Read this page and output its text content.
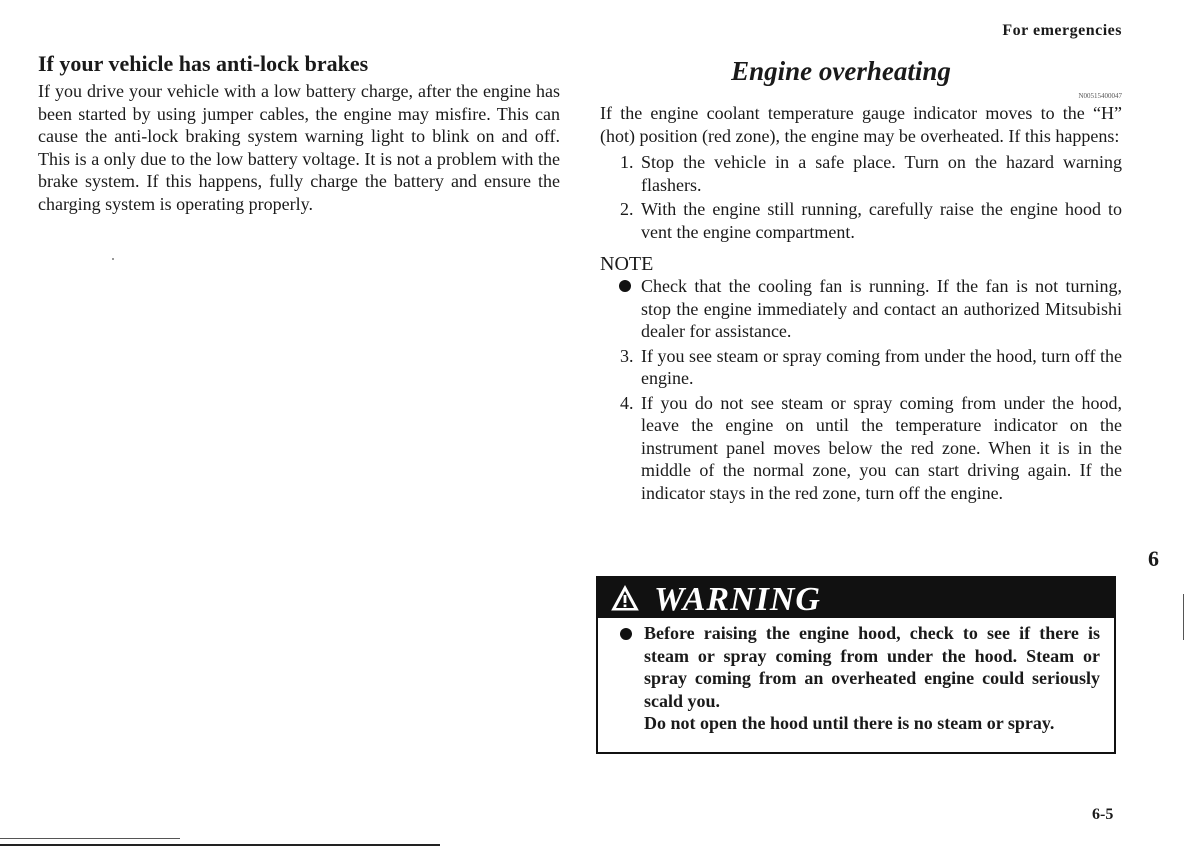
For emergencies
If your vehicle has anti-lock brakes

If you drive your vehicle with a low battery charge, after the engine has been started by using jumper cables, the engine may misfire. This can cause the anti-lock braking system warning light to blink on and off. This is a only due to the low battery voltage. It is not a problem with the brake system. If this happens, fully charge the battery and ensure the charging system is operating properly.

Engine overheating
N00515400047

If the engine coolant temperature gauge indicator moves to the “H” (hot) position (red zone), the engine may be overheated. If this happens:

1. Stop the vehicle in a safe place. Turn on the hazard warning flashers.
2. With the engine still running, carefully raise the engine hood to vent the engine compartment.
NOTE
Check that the cooling fan is running. If the fan is not turning, stop the engine immediately and contact an authorized Mitsubishi dealer for assistance.
3. If you see steam or spray coming from under the hood, turn off the engine.
4. If you do not see steam or spray coming from under the hood, leave the engine on until the temperature indicator on the instrument panel moves below the red zone. When it is in the middle of the normal zone, you can start driving again. If the indicator stays in the red zone, turn off the engine.
WARNING

Before raising the engine hood, check to see if there is steam or spray coming from under the hood. Steam or spray coming from an overheated engine could seriously scald you.

Do not open the hood until there is no steam or spray.

6
6-5
